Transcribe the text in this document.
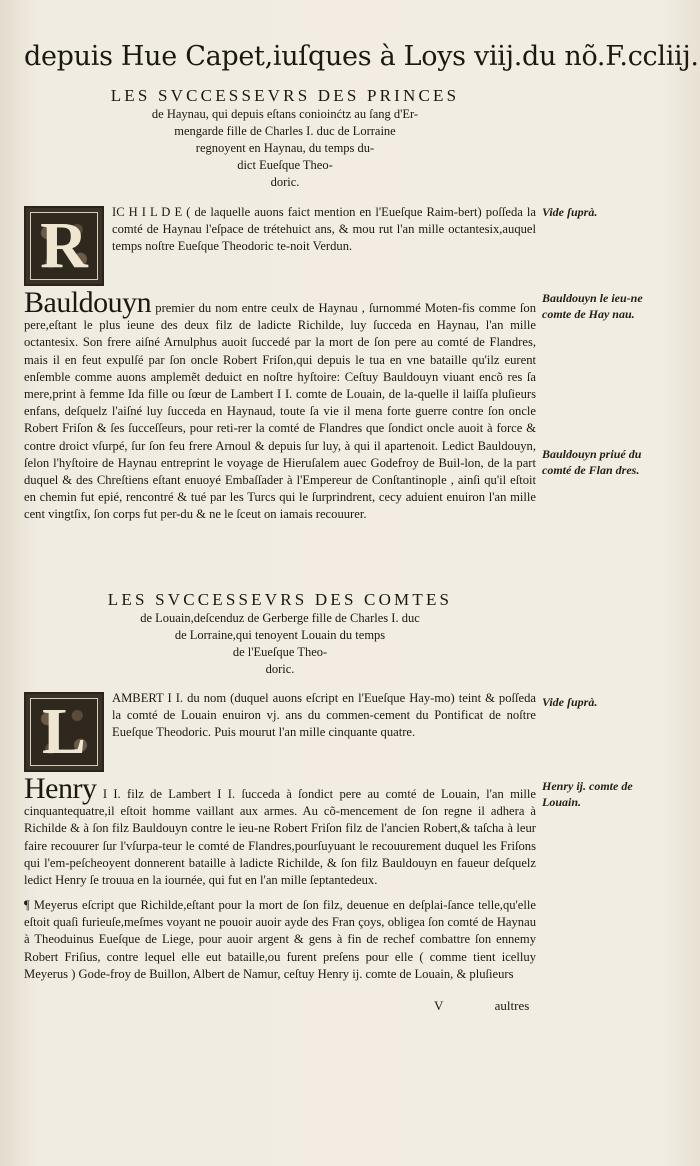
depuis Hue Capet,iuſques à Loys viij.du nõ.F.ccliij.
LES SVCCESSEVRS DES PRINCES
de Haynau, qui depuis eſtans conioinćtz au ſang d'Er-
mengarde fille de Charles I. duc de Lorraine
regnoyent en Haynau, du temps du-
dict Eueſque Theo-
doric.
R	IC H I L D E ( de laquelle auons faict mention en l'Eueſque Raim-bert) poſſeda la comté de Haynau l'eſpace de trétehuict ans, & mou rut l'an mille octantesix,auquel temps noſtre Eueſque Theodoric te-noit Verdun.

Vide ſuprà.

Bauldouyn premier du nom entre ceulx de Haynau , ſurnommé Moten-fis comme ſon pere,eſtant le plus ieune des deux filz de ladicte Richilde, luy ſucceda en Haynau, l'an mille octantesix. Son frere aiſné Arnulphus auoit ſuccedé par la mort de ſon pere au comté de Flandres, mais il en feut expulſé par ſon oncle Robert Friſon,qui depuis le tua en vne bataille qu'ilz eurent enſemble comme auons amplemẽt deduict en noſtre hyſtoire: Ceſtuy Bauldouyn viuant encõ res ſa mere,print à femme Ida fille ou ſœur de Lambert I I. comte de Louain, de la-quelle il laiſſa pluſieurs enfans, deſquelz l'aiſné luy ſucceda en Haynaud, toute ſa vie il mena forte guerre contre ſon oncle Robert Friſon & ſes ſucceſſeurs, pour reti-rer la comté de Flandres que ſondict oncle auoit à force & contre droict vſurpé, ſur ſon feu frere Arnoul & depuis ſur luy, à qui il apartenoit. Ledict Bauldouyn, ſelon l'hyſtoire de Haynau entreprint le voyage de Hieruſalem auec Godefroy de Buil-lon, de la part duquel & des Chreſtiens eſtant enuoyé Embaſſader à l'Empereur de Conſtantinople , ainſi qu'il eſtoit en chemin fut epié, rencontré & tué par les Turcs qui le ſurprindrent, cecy aduient enuiron l'an mille cent vingtſix, ſon corps fut per-du & ne le ſceut on iamais recouurer.

Bauldouyn le ieu-ne comte de Hay nau.
Bauldouyn priué du comté de Flan dres.
LES SVCCESSEVRS DES COMTES
de Louain,deſcenduz de Gerberge fille de Charles I. duc
de Lorraine,qui tenoyent Louain du temps
de l'Eueſque Theo-
doric.
L	AMBERT I I. du nom (duquel auons eſcript en l'Eueſque Hay-mo) teint & poſſeda la comté de Louain enuiron vj. ans du commen-cement du Pontificat de noſtre Eueſque Theodoric. Puis mourut l'an mille cinquante quatre.

Vide ſuprà.

Henry I I. filz de Lambert I I. ſucceda à ſondict pere au comté de Louain, l'an mille cinquantequatre,il eſtoit homme vaillant aux armes. Au cõ-mencement de ſon regne il adhera à Richilde & à ſon filz Bauldouyn contre le ieu-ne Robert Friſon filz de l'ancien Robert,& taſcha à leur faire recouurer ſur l'vſurpa-teur le comté de Flandres,pourſuyuant le recouurement duquel les Friſons qui l'em-peſcheoyent donnerent bataille à ladicte Richilde, & ſon filz Bauldouyn en faueur deſquelz ledict Henry ſe trouua en la iournée, qui fut en l'an mille ſeptantedeux.

Henry ij. comte de Louain.

¶ Meyerus eſcript que Richilde,eſtant pour la mort de ſon filz, deuenue en deſplai-ſance telle,qu'elle eſtoit quaſi furieuſe,meſmes voyant ne pouoir auoir ayde des Fran çoys, obligea ſon comté de Haynau à Theoduinus Eueſque de Liege, pour auoir argent & gens à fin de rechef combattre ſon ennemy Robert Friſius, contre lequel elle eut bataille,ou furent preſens pour elle ( comme tient icelluy Meyerus ) Gode-froy de Buillon, Albert de Namur, ceſtuy Henry ij. comte de Louain, & pluſieurs

V	aultres
